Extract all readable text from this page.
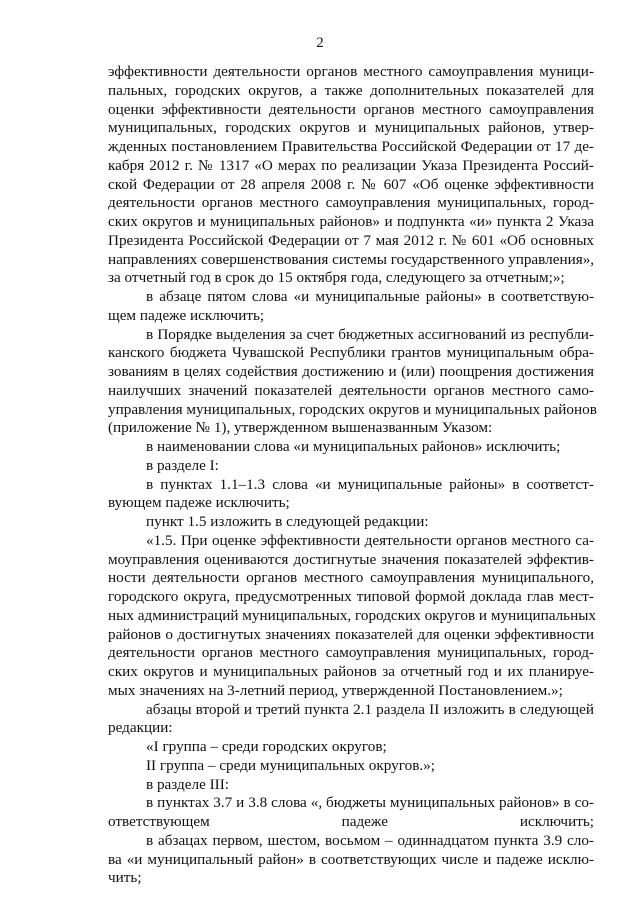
2
эффективности деятельности органов местного самоуправления муници-
пальных, городских округов, а также дополнительных показателей для
оценки эффективности деятельности органов местного самоуправления
муниципальных, городских округов и муниципальных районов, утвер-
жденных постановлением Правительства Российской Федерации от 17 де-
кабря 2012 г. № 1317 «О мерах по реализации Указа Президента Россий-
ской Федерации от 28 апреля 2008 г. № 607 «Об оценке эффективности
деятельности органов местного самоуправления муниципальных, город-
ских округов и муниципальных районов» и подпункта «и» пункта 2 Указа
Президента Российской Федерации от 7 мая 2012 г. № 601 «Об основных
направлениях совершенствования системы государственного управления»,
за отчетный год в срок до 15 октября года, следующего за отчетным;»;
в абзаце пятом слова «и муниципальные районы» в соответствую-
щем падеже исключить;
в Порядке выделения за счет бюджетных ассигнований из республи-
канского бюджета Чувашской Республики грантов муниципальным обра-
зованиям в целях содействия достижению и (или) поощрения достижения
наилучших значений показателей деятельности органов местного само-
управления муниципальных, городских округов и муниципальных районов
(приложение № 1), утвержденном вышеназванным Указом:
в наименовании слова «и муниципальных районов» исключить;
в разделе I:
в пунктах 1.1–1.3 слова «и муниципальные районы» в соответст-
вующем падеже исключить;
пункт 1.5 изложить в следующей редакции:
«1.5. При оценке эффективности деятельности органов местного са-
моуправления оцениваются достигнутые значения показателей эффектив-
ности деятельности органов местного самоуправления муниципального,
городского округа, предусмотренных типовой формой доклада глав мест-
ных администраций муниципальных, городских округов и муниципальных
районов о достигнутых значениях показателей для оценки эффективности
деятельности органов местного самоуправления муниципальных, город-
ских округов и муниципальных районов за отчетный год и их планируе-
мых значениях на 3-летний период, утвержденной Постановлением.»;
абзацы второй и третий пункта 2.1 раздела II изложить в следующей
редакции:
«I группа – среди городских округов;
II группа – среди муниципальных округов.»;
в разделе III:
в пунктах 3.7 и 3.8 слова «, бюджеты муниципальных районов» в со-
ответствующем падеже исключить;
в абзацах первом, шестом, восьмом – одиннадцатом пункта 3.9 сло-
ва «и муниципальный район» в соответствующих числе и падеже исклю-
чить;
